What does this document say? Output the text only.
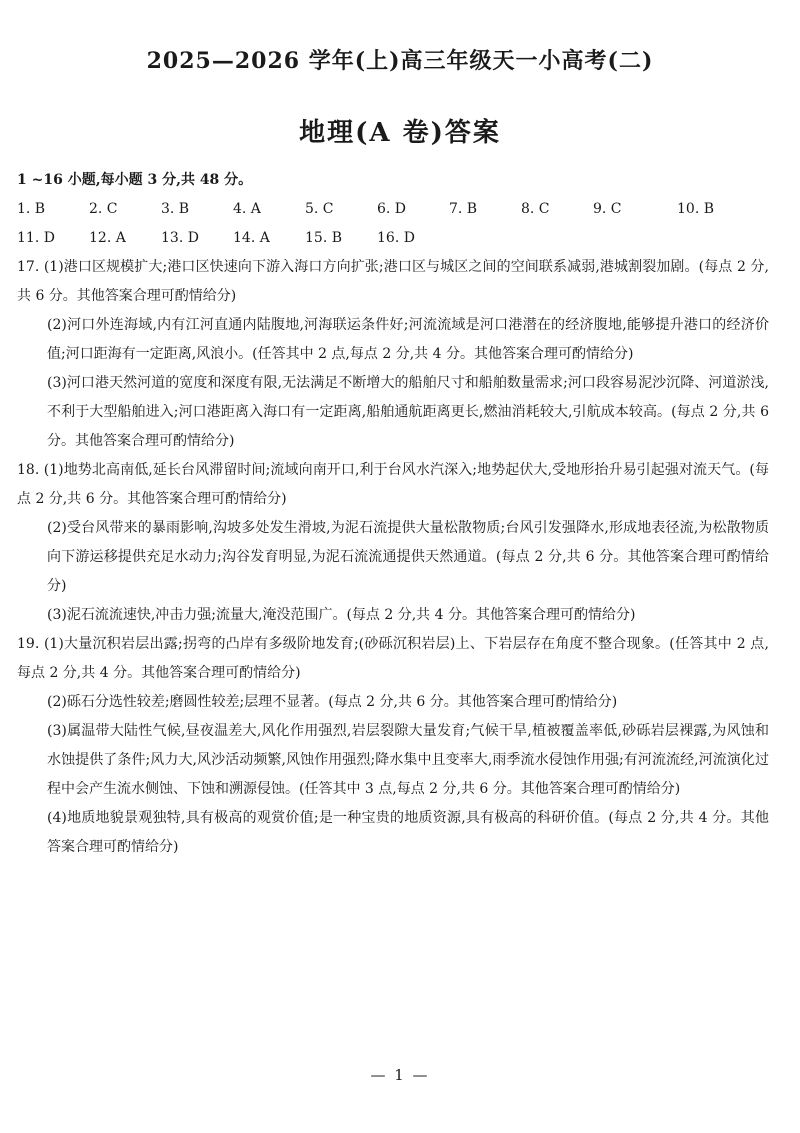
2025—2026 学年(上)高三年级天一小高考(二)
地理(A 卷)答案
1 ~16 小题,每小题 3 分,共 48 分。
1. B	2. C	3. B	4. A	5. C	6. D	7. B	8. C	9. C	10. B
11. D 12. A	13. D 14. A	15. B 16. D

17. (1)港口区规模扩大;港口区快速向下游入海口方向扩张;港口区与城区之间的空间联系减弱,港城割裂加剧。(每点 2 分,共 6 分。其他答案合理可酌情给分)

(2)河口外连海域,内有江河直通内陆腹地,河海联运条件好;河流流域是河口港潜在的经济腹地,能够提升港口的经济价值;河口距海有一定距离,风浪小。(任答其中 2 点,每点 2 分,共 4 分。其他答案合理可酌情给分)

(3)河口港天然河道的宽度和深度有限,无法满足不断增大的船舶尺寸和船舶数量需求;河口段容易泥沙沉降、河道淤浅,不利于大型船舶进入;河口港距离入海口有一定距离,船舶通航距离更长,燃油消耗较大,引航成本较高。(每点 2 分,共 6 分。其他答案合理可酌情给分)

18. (1)地势北高南低,延长台风滞留时间;流域向南开口,利于台风水汽深入;地势起伏大,受地形抬升易引起强对流天气。(每点 2 分,共 6 分。其他答案合理可酌情给分)

(2)受台风带来的暴雨影响,沟坡多处发生滑坡,为泥石流提供大量松散物质;台风引发强降水,形成地表径流,为松散物质向下游运移提供充足水动力;沟谷发育明显,为泥石流流通提供天然通道。(每点 2 分,共 6 分。其他答案合理可酌情给分)

(3)泥石流流速快,冲击力强;流量大,淹没范围广。(每点 2 分,共 4 分。其他答案合理可酌情给分)

19. (1)大量沉积岩层出露;拐弯的凸岸有多级阶地发育;(砂砾沉积岩层)上、下岩层存在角度不整合现象。(任答其中 2 点,每点 2 分,共 4 分。其他答案合理可酌情给分)

(2)砾石分选性较差;磨圆性较差;层理不显著。(每点 2 分,共 6 分。其他答案合理可酌情给分)

(3)属温带大陆性气候,昼夜温差大,风化作用强烈,岩层裂隙大量发育;气候干旱,植被覆盖率低,砂砾岩层裸露,为风蚀和水蚀提供了条件;风力大,风沙活动频繁,风蚀作用强烈;降水集中且变率大,雨季流水侵蚀作用强;有河流流经,河流演化过程中会产生流水侧蚀、下蚀和溯源侵蚀。(任答其中 3 点,每点 2 分,共 6 分。其他答案合理可酌情给分)

(4)地质地貌景观独特,具有极高的观赏价值;是一种宝贵的地质资源,具有极高的科研价值。(每点 2 分,共 4 分。其他答案合理可酌情给分)

— 1 —
